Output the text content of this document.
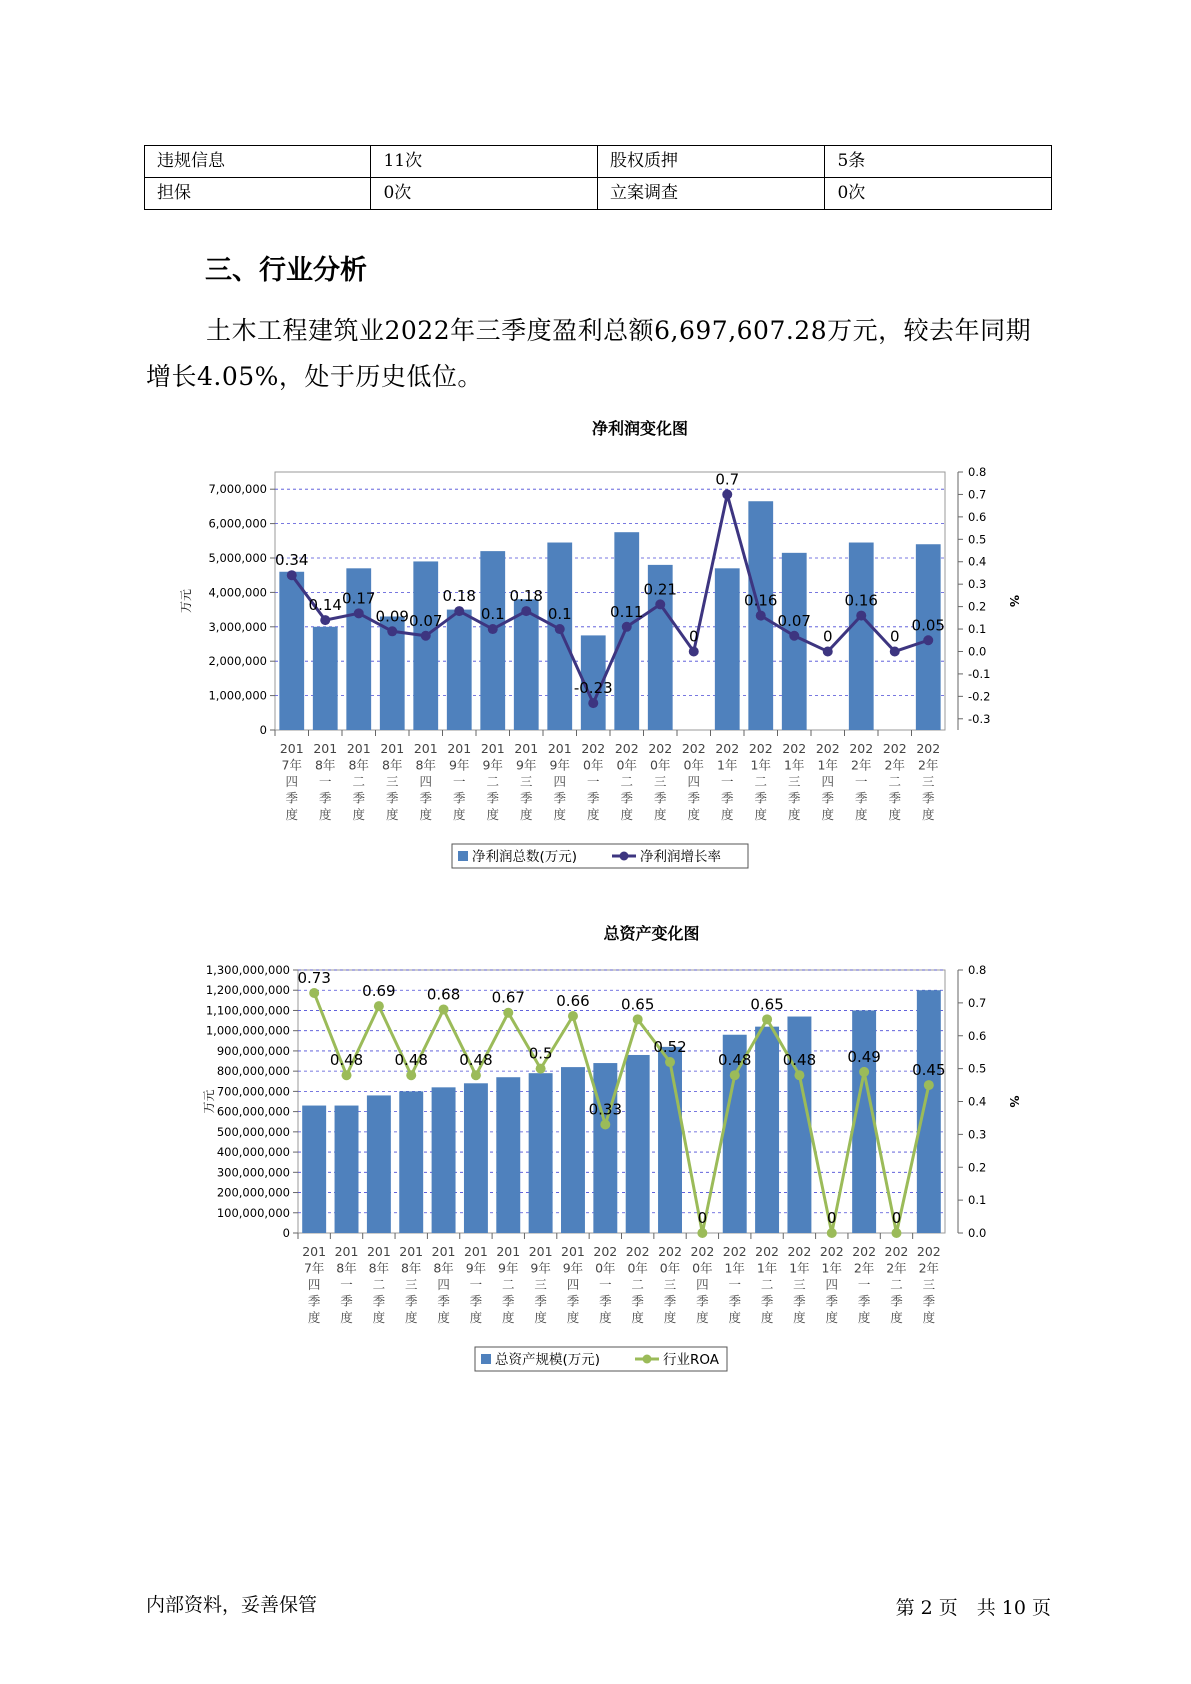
违规信息	11次	股权质押	5条
担保	0次	立案调查	0次
三、行业分析

土木工程建筑业2022年三季度盈利总额6,697,607.28万元，较去年同期增长4.05%，处于历史低位。

净利润变化图
0
1,000,000
2,000,000
3,000,000
4,000,000
5,000,000
6,000,000
7,000,000
万元
-0.3
-0.2
-0.1
0.0
0.1
0.2
0.3
0.4
0.5
0.6
0.7
0.8
%
0.34
0.14 0.17
0.09 0.07
0.18
0.1
0.18
0.1
-0.23
0.11
0.21
0
0.7
0.16
0.07
0
0.16
0
0.05
201
7年
四
季
度
201
8年
一
季
度
201
8年
二
季
度
201
8年
三
季
度
201
8年
四
季
度
201
9年
一
季
度
201
9年
二
季
度
201
9年
三
季
度
201
9年
四
季
度
202
0年
一
季
度
202
0年
二
季
度
202
0年
三
季
度
202
0年
四
季
度
202
1年
一
季
度
202
1年
二
季
度
202
1年
三
季
度
202
1年
四
季
度
202
2年
一
季
度
202
2年
二
季
度
202
2年
三
季
度
净利润总数(万元)	净利润增长率
总资产变化图
0
100,000,000
200,000,000
300,000,000
400,000,000
500,000,000
600,000,000
700,000,000
800,000,000
900,000,000
1,000,000,000
1,100,000,000
1,200,000,000
1,300,000,000
万元
0.0
0.1
0.2
0.3
0.4
0.5
0.6
0.7
0.8
%
0.73
0.48
0.69
0.48
0.68
0.48
0.67
0.5
0.66
0.33
0.65
0.52
0
0.48
0.65
0.48
0
0.49
0
0.45
201
7年
四
季
度
201
8年
一
季
度
201
8年
二
季
度
201
8年
三
季
度
201
8年
四
季
度
201
9年
一
季
度
201
9年
二
季
度
201
9年
三
季
度
201
9年
四
季
度
202
0年
一
季
度
202
0年
二
季
度
202
0年
三
季
度
202
0年
四
季
度
202
1年
一
季
度
202
1年
二
季
度
202
1年
三
季
度
202
1年
四
季
度
202
2年
一
季
度
202
2年
二
季
度
202
2年
三
季
度
总资产规模(万元)	行业ROA
内部资料，妥善保管	第 2 页　共 10 页
